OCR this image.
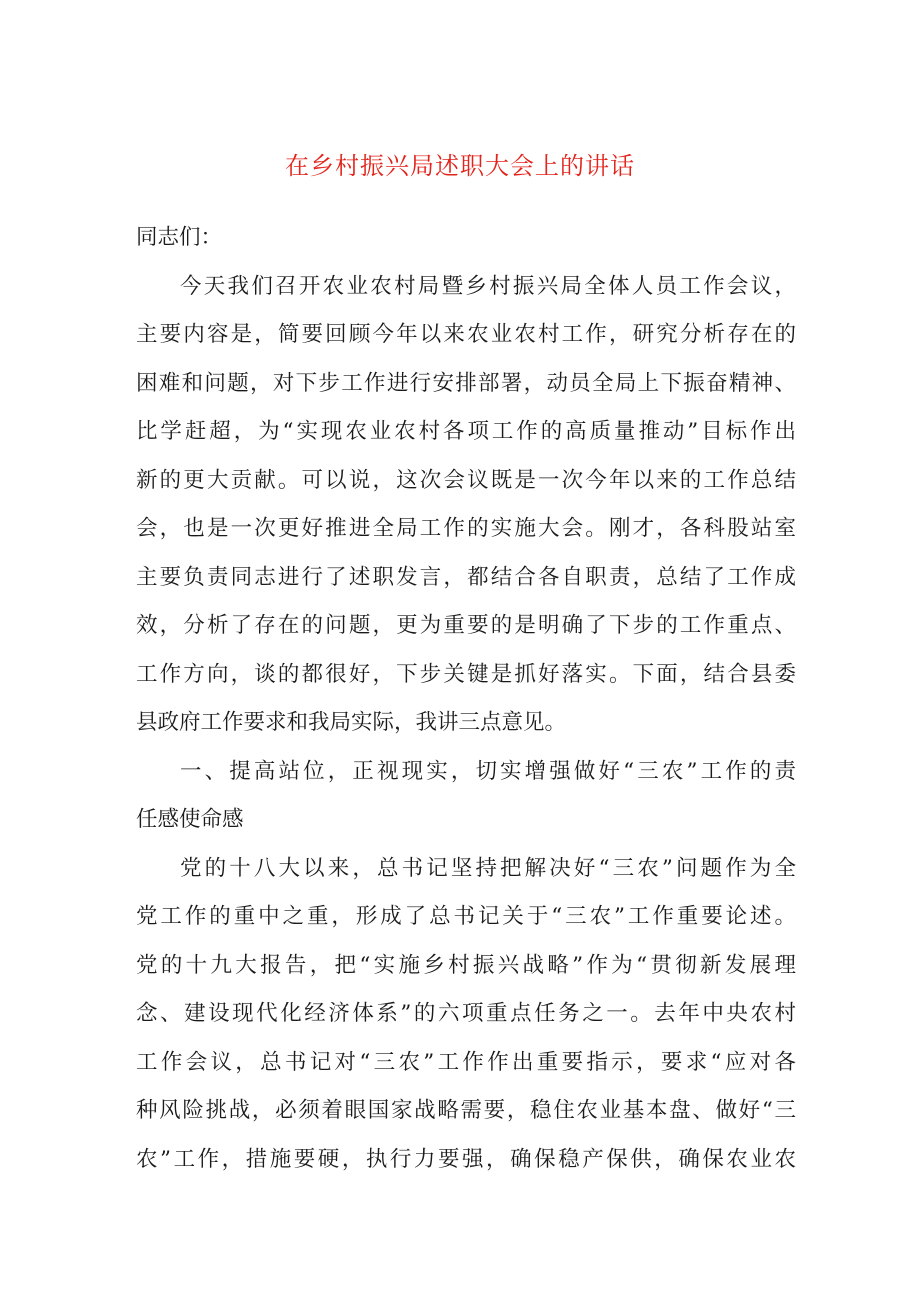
在乡村振兴局述职大会上的讲话
同志们：
今天我们召开农业农村局暨乡村振兴局全体人员工作会议，
主要内容是，简要回顾今年以来农业农村工作，研究分析存在的
困难和问题，对下步工作进行安排部署，动员全局上下振奋精神、
比学赶超，为“实现农业农村各项工作的高质量推动”目标作出
新的更大贡献。可以说，这次会议既是一次今年以来的工作总结
会，也是一次更好推进全局工作的实施大会。刚才，各科股站室
主要负责同志进行了述职发言，都结合各自职责，总结了工作成
效，分析了存在的问题，更为重要的是明确了下步的工作重点、
工作方向，谈的都很好，下步关键是抓好落实。下面，结合县委
县政府工作要求和我局实际，我讲三点意见。
一、提高站位，正视现实，切实增强做好“三农”工作的责
任感使命感
党的十八大以来，总书记坚持把解决好“三农”问题作为全
党工作的重中之重，形成了总书记关于“三农”工作重要论述。
党的十九大报告，把“实施乡村振兴战略”作为“贯彻新发展理
念、建设现代化经济体系”的六项重点任务之一。去年中央农村
工作会议，总书记对“三农”工作作出重要指示，要求“应对各
种风险挑战，必须着眼国家战略需要，稳住农业基本盘、做好“三
农”工作，措施要硬，执行力要强，确保稳产保供，确保农业农
